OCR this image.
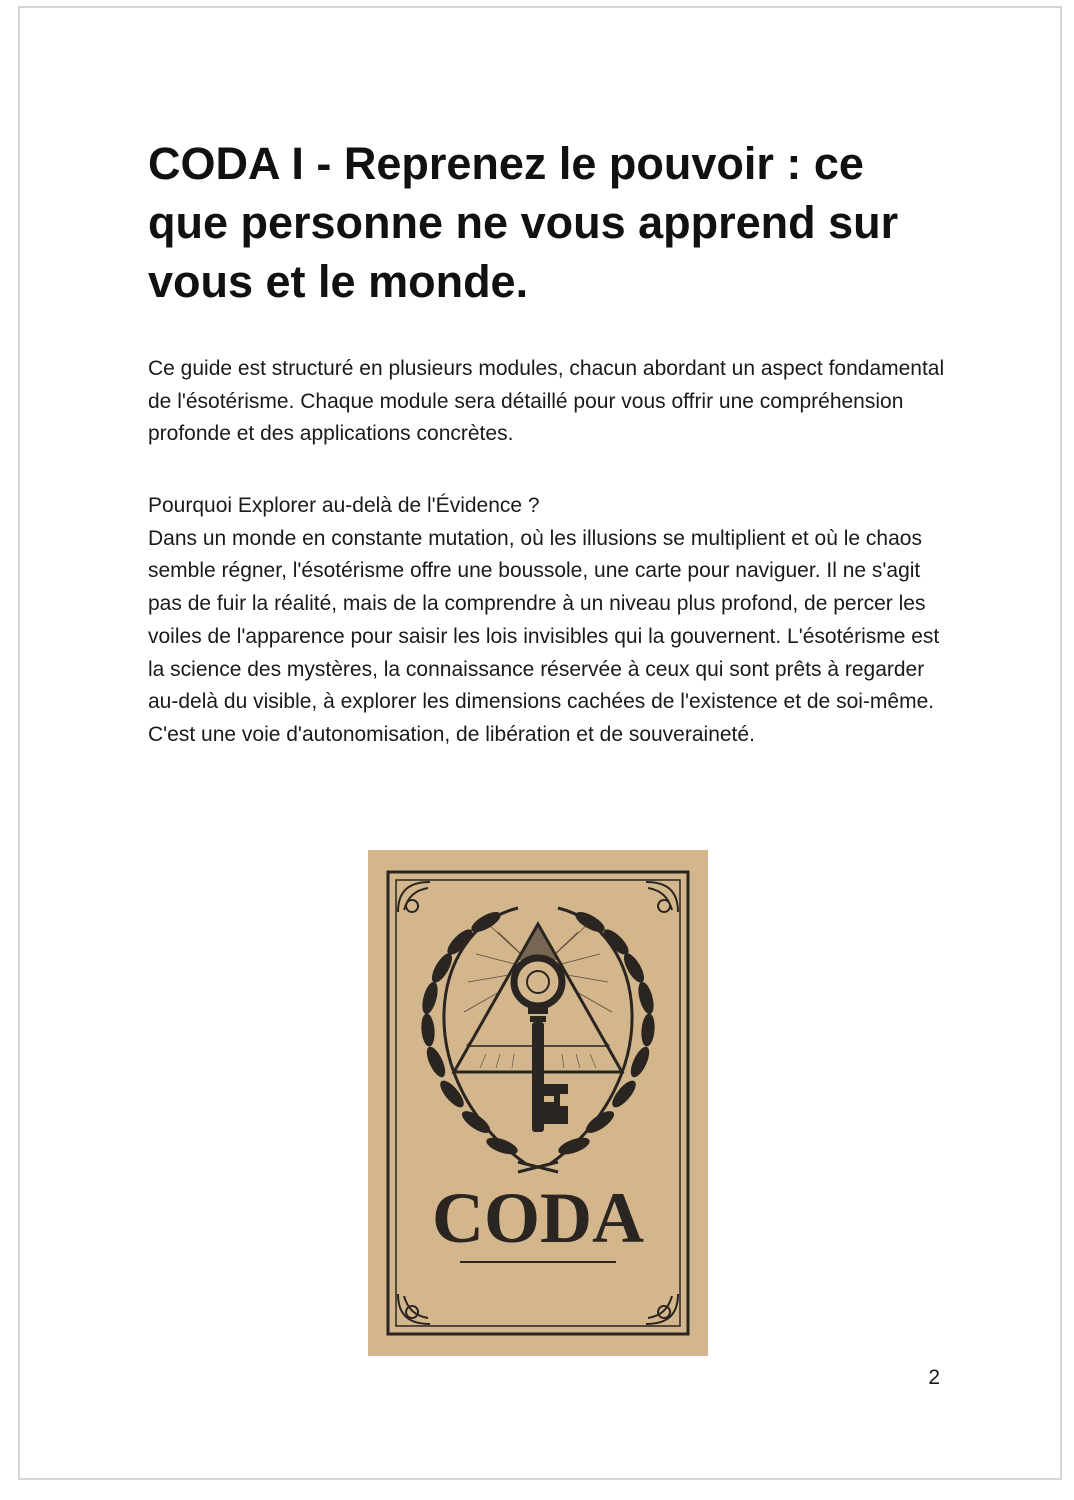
CODA I - Reprenez le pouvoir : ce que personne ne vous apprend sur vous et le monde.

Ce guide est structuré en plusieurs modules, chacun abordant un aspect fondamental de l'ésotérisme. Chaque module sera détaillé pour vous offrir une compréhension profonde et des applications concrètes.

Pourquoi Explorer au-delà de l'Évidence ?

Dans un monde en constante mutation, où les illusions se multiplient et où le chaos semble régner, l'ésotérisme offre une boussole, une carte pour naviguer. Il ne s'agit pas de fuir la réalité, mais de la comprendre à un niveau plus profond, de percer les voiles de l'apparence pour saisir les lois invisibles qui la gouvernent. L'ésotérisme est la science des mystères, la connaissance réservée à ceux qui sont prêts à regarder au-delà du visible, à explorer les dimensions cachées de l'existence et de soi-même. C'est une voie d'autonomisation, de libération et de souveraineté.

CODA
2
